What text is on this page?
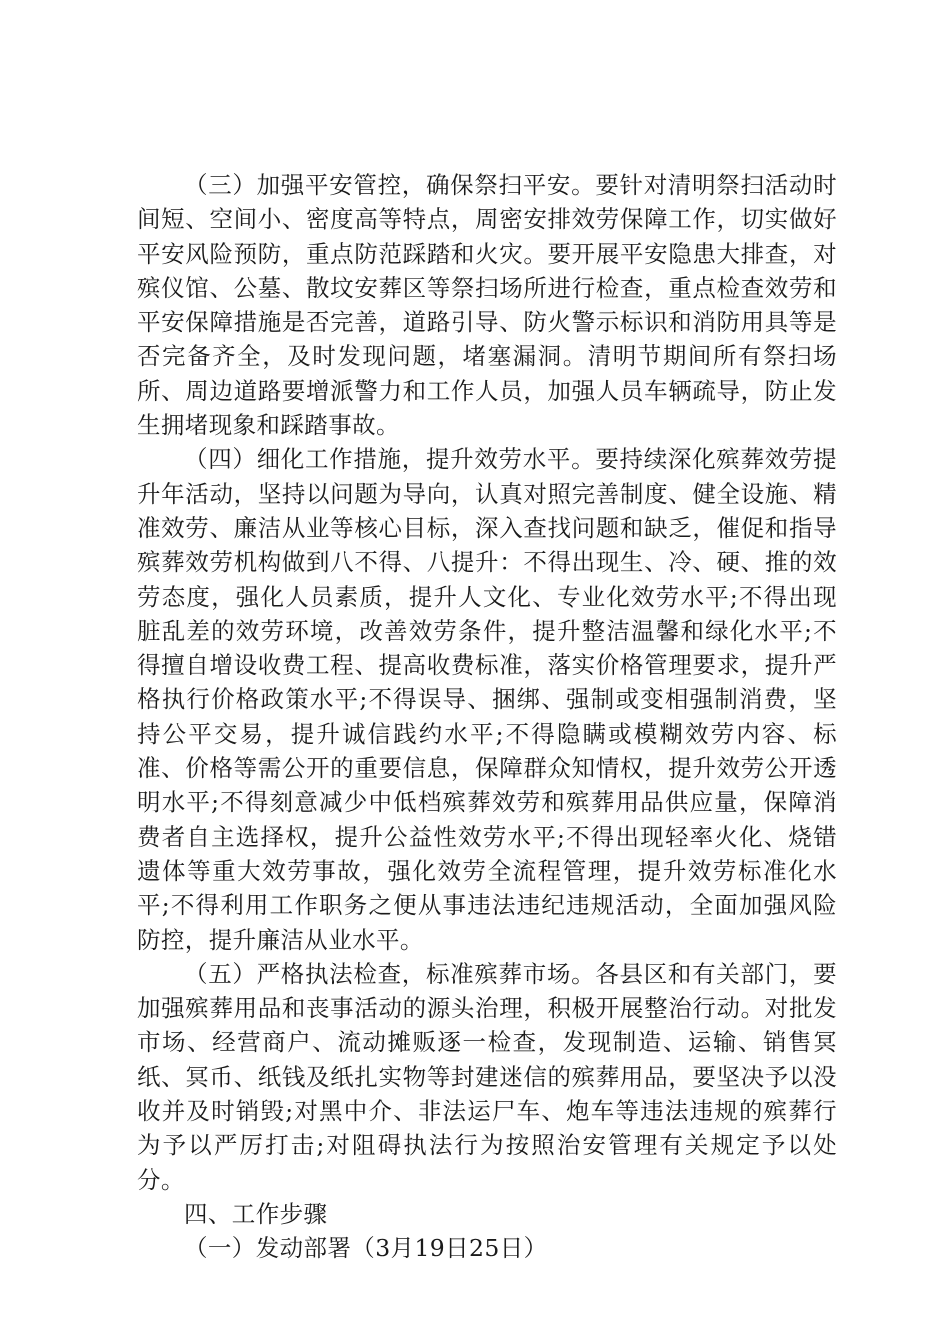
（三）加强平安管控，确保祭扫平安。要针对清明祭扫活动时间短、空间小、密度高等特点，周密安排效劳保障工作，切实做好平安风险预防，重点防范踩踏和火灾。要开展平安隐患大排查，对殡仪馆、公墓、散坟安葬区等祭扫场所进行检查，重点检查效劳和平安保障措施是否完善，道路引导、防火警示标识和消防用具等是否完备齐全，及时发现问题，堵塞漏洞。清明节期间所有祭扫场所、周边道路要增派警力和工作人员，加强人员车辆疏导，防止发生拥堵现象和踩踏事故。

（四）细化工作措施，提升效劳水平。要持续深化殡葬效劳提升年活动，坚持以问题为导向，认真对照完善制度、健全设施、精准效劳、廉洁从业等核心目标，深入查找问题和缺乏，催促和指导殡葬效劳机构做到八不得、八提升：不得出现生、冷、硬、推的效劳态度，强化人员素质，提升人文化、专业化效劳水平;不得出现脏乱差的效劳环境，改善效劳条件，提升整洁温馨和绿化水平;不得擅自增设收费工程、提高收费标准，落实价格管理要求，提升严格执行价格政策水平;不得误导、捆绑、强制或变相强制消费，坚持公平交易，提升诚信践约水平;不得隐瞒或模糊效劳内容、标准、价格等需公开的重要信息，保障群众知情权，提升效劳公开透明水平;不得刻意减少中低档殡葬效劳和殡葬用品供应量，保障消费者自主选择权，提升公益性效劳水平;不得出现轻率火化、烧错遗体等重大效劳事故，强化效劳全流程管理，提升效劳标准化水平;不得利用工作职务之便从事违法违纪违规活动，全面加强风险防控，提升廉洁从业水平。

（五）严格执法检查，标准殡葬市场。各县区和有关部门，要加强殡葬用品和丧事活动的源头治理，积极开展整治行动。对批发市场、经营商户、流动摊贩逐一检查，发现制造、运输、销售冥纸、冥币、纸钱及纸扎实物等封建迷信的殡葬用品，要坚决予以没收并及时销毁;对黑中介、非法运尸车、炮车等违法违规的殡葬行为予以严厉打击;对阻碍执法行为按照治安管理有关规定予以处分。

四、工作步骤

（一）发动部署（3月19日25日）
